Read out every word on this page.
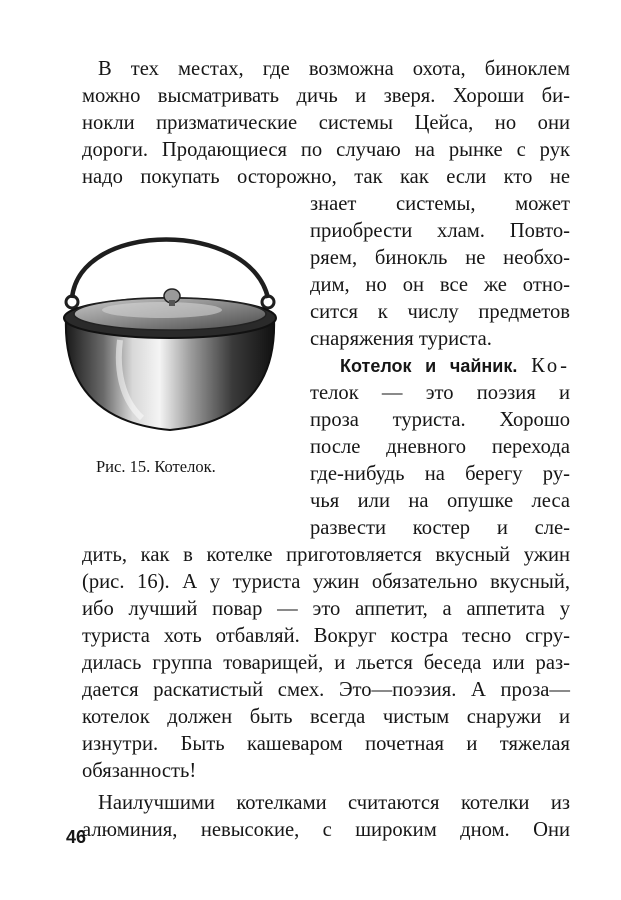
В тех местах, где возможна охота, биноклем
можно высматривать дичь и зверя. Хороши би-
нокли призматические системы Цейса, но они
дороги. Продающиеся по случаю на рынке с рук
надо покупать осторожно, так как если кто не
знает системы, может
приобрести хлам. Повто-
ряем, бинокль не необхо-
дим, но он все же отно-
сится к числу предметов
снаряжения туриста.
Котелок и чайник. Ко-
телок — это поэзия и
проза туриста. Хорошо
после дневного перехода
где-нибудь на берегу ру-
чья или на опушке леса
развести костер и сле-
дить, как в котелке приготовляется вкусный ужин
(рис. 16). А у туриста ужин обязательно вкусный,
ибо лучший повар — это аппетит, а аппетита у
туриста хоть отбавляй. Вокруг костра тесно сгру-
дилась группа товарищей, и льется беседа или раз-
дается раскатистый смех. Это—поэзия. А проза—
котелок должен быть всегда чистым снаружи и
изнутри. Быть кашеваром почетная и тяжелая
обязанность!
Наилучшими котелками считаются котелки из
алюминия, невысокие, с широким дном. Они
Рис. 15. Котелок.
46
